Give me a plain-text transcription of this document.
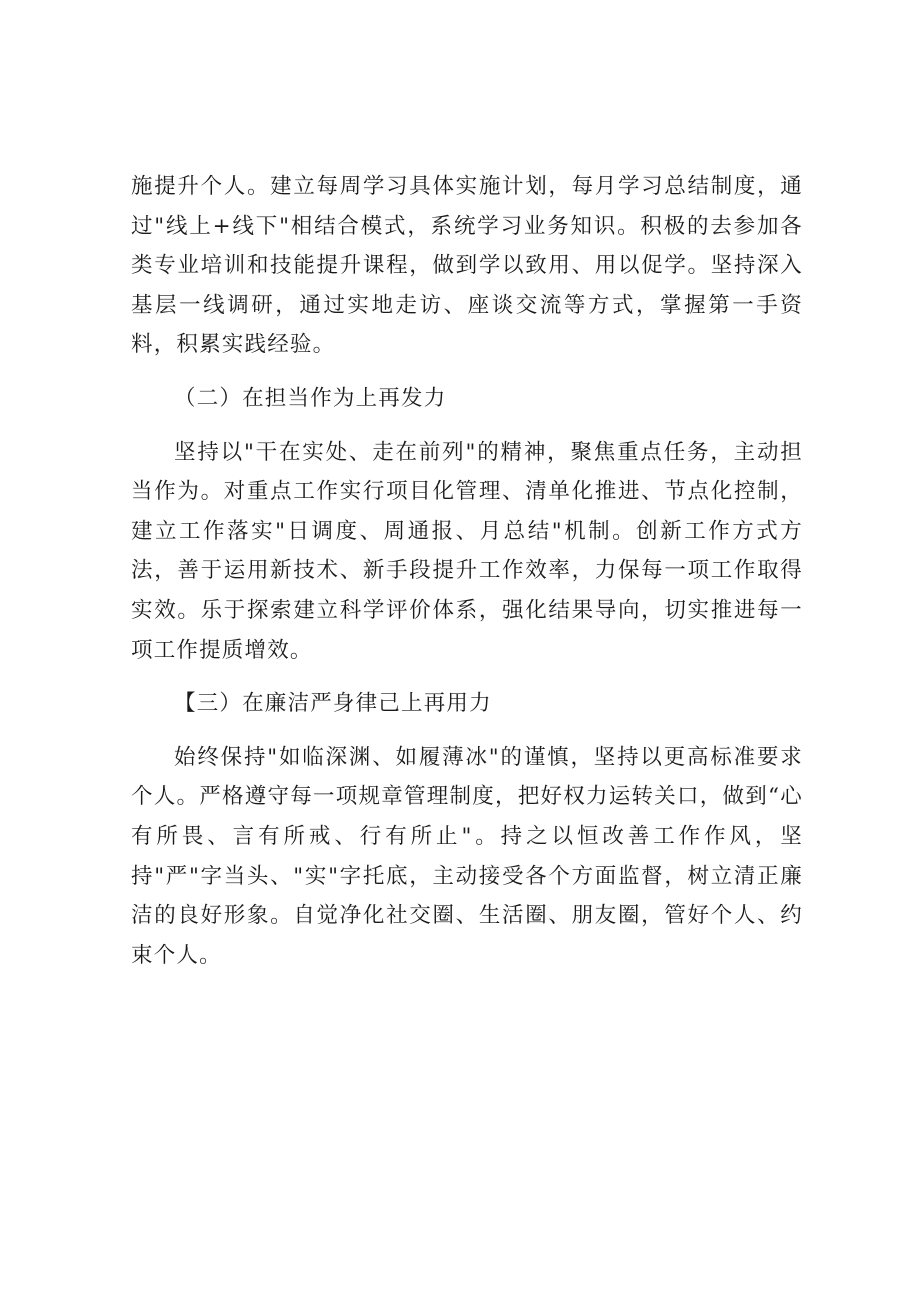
施提升个人。建立每周学习具体实施计划，每月学习总结制度，通过"线上+线下"相结合模式，系统学习业务知识。积极的去参加各类专业培训和技能提升课程，做到学以致用、用以促学。坚持深入基层一线调研，通过实地走访、座谈交流等方式，掌握第一手资料，积累实践经验。

（二）在担当作为上再发力

坚持以"干在实处、走在前列"的精神，聚焦重点任务，主动担当作为。对重点工作实行项目化管理、清单化推进、节点化控制，建立工作落实"日调度、周通报、月总结"机制。创新工作方式方法，善于运用新技术、新手段提升工作效率，力保每一项工作取得实效。乐于探索建立科学评价体系，强化结果导向，切实推进每一项工作提质增效。

【三）在廉洁严身律己上再用力

始终保持"如临深渊、如履薄冰"的谨慎，坚持以更高标准要求个人。严格遵守每一项规章管理制度，把好权力运转关口，做到“心有所畏、言有所戒、行有所止"。持之以恒改善工作作风，坚持"严"字当头、"实"字托底，主动接受各个方面监督，树立清正廉洁的良好形象。自觉净化社交圈、生活圈、朋友圈，管好个人、约束个人。
